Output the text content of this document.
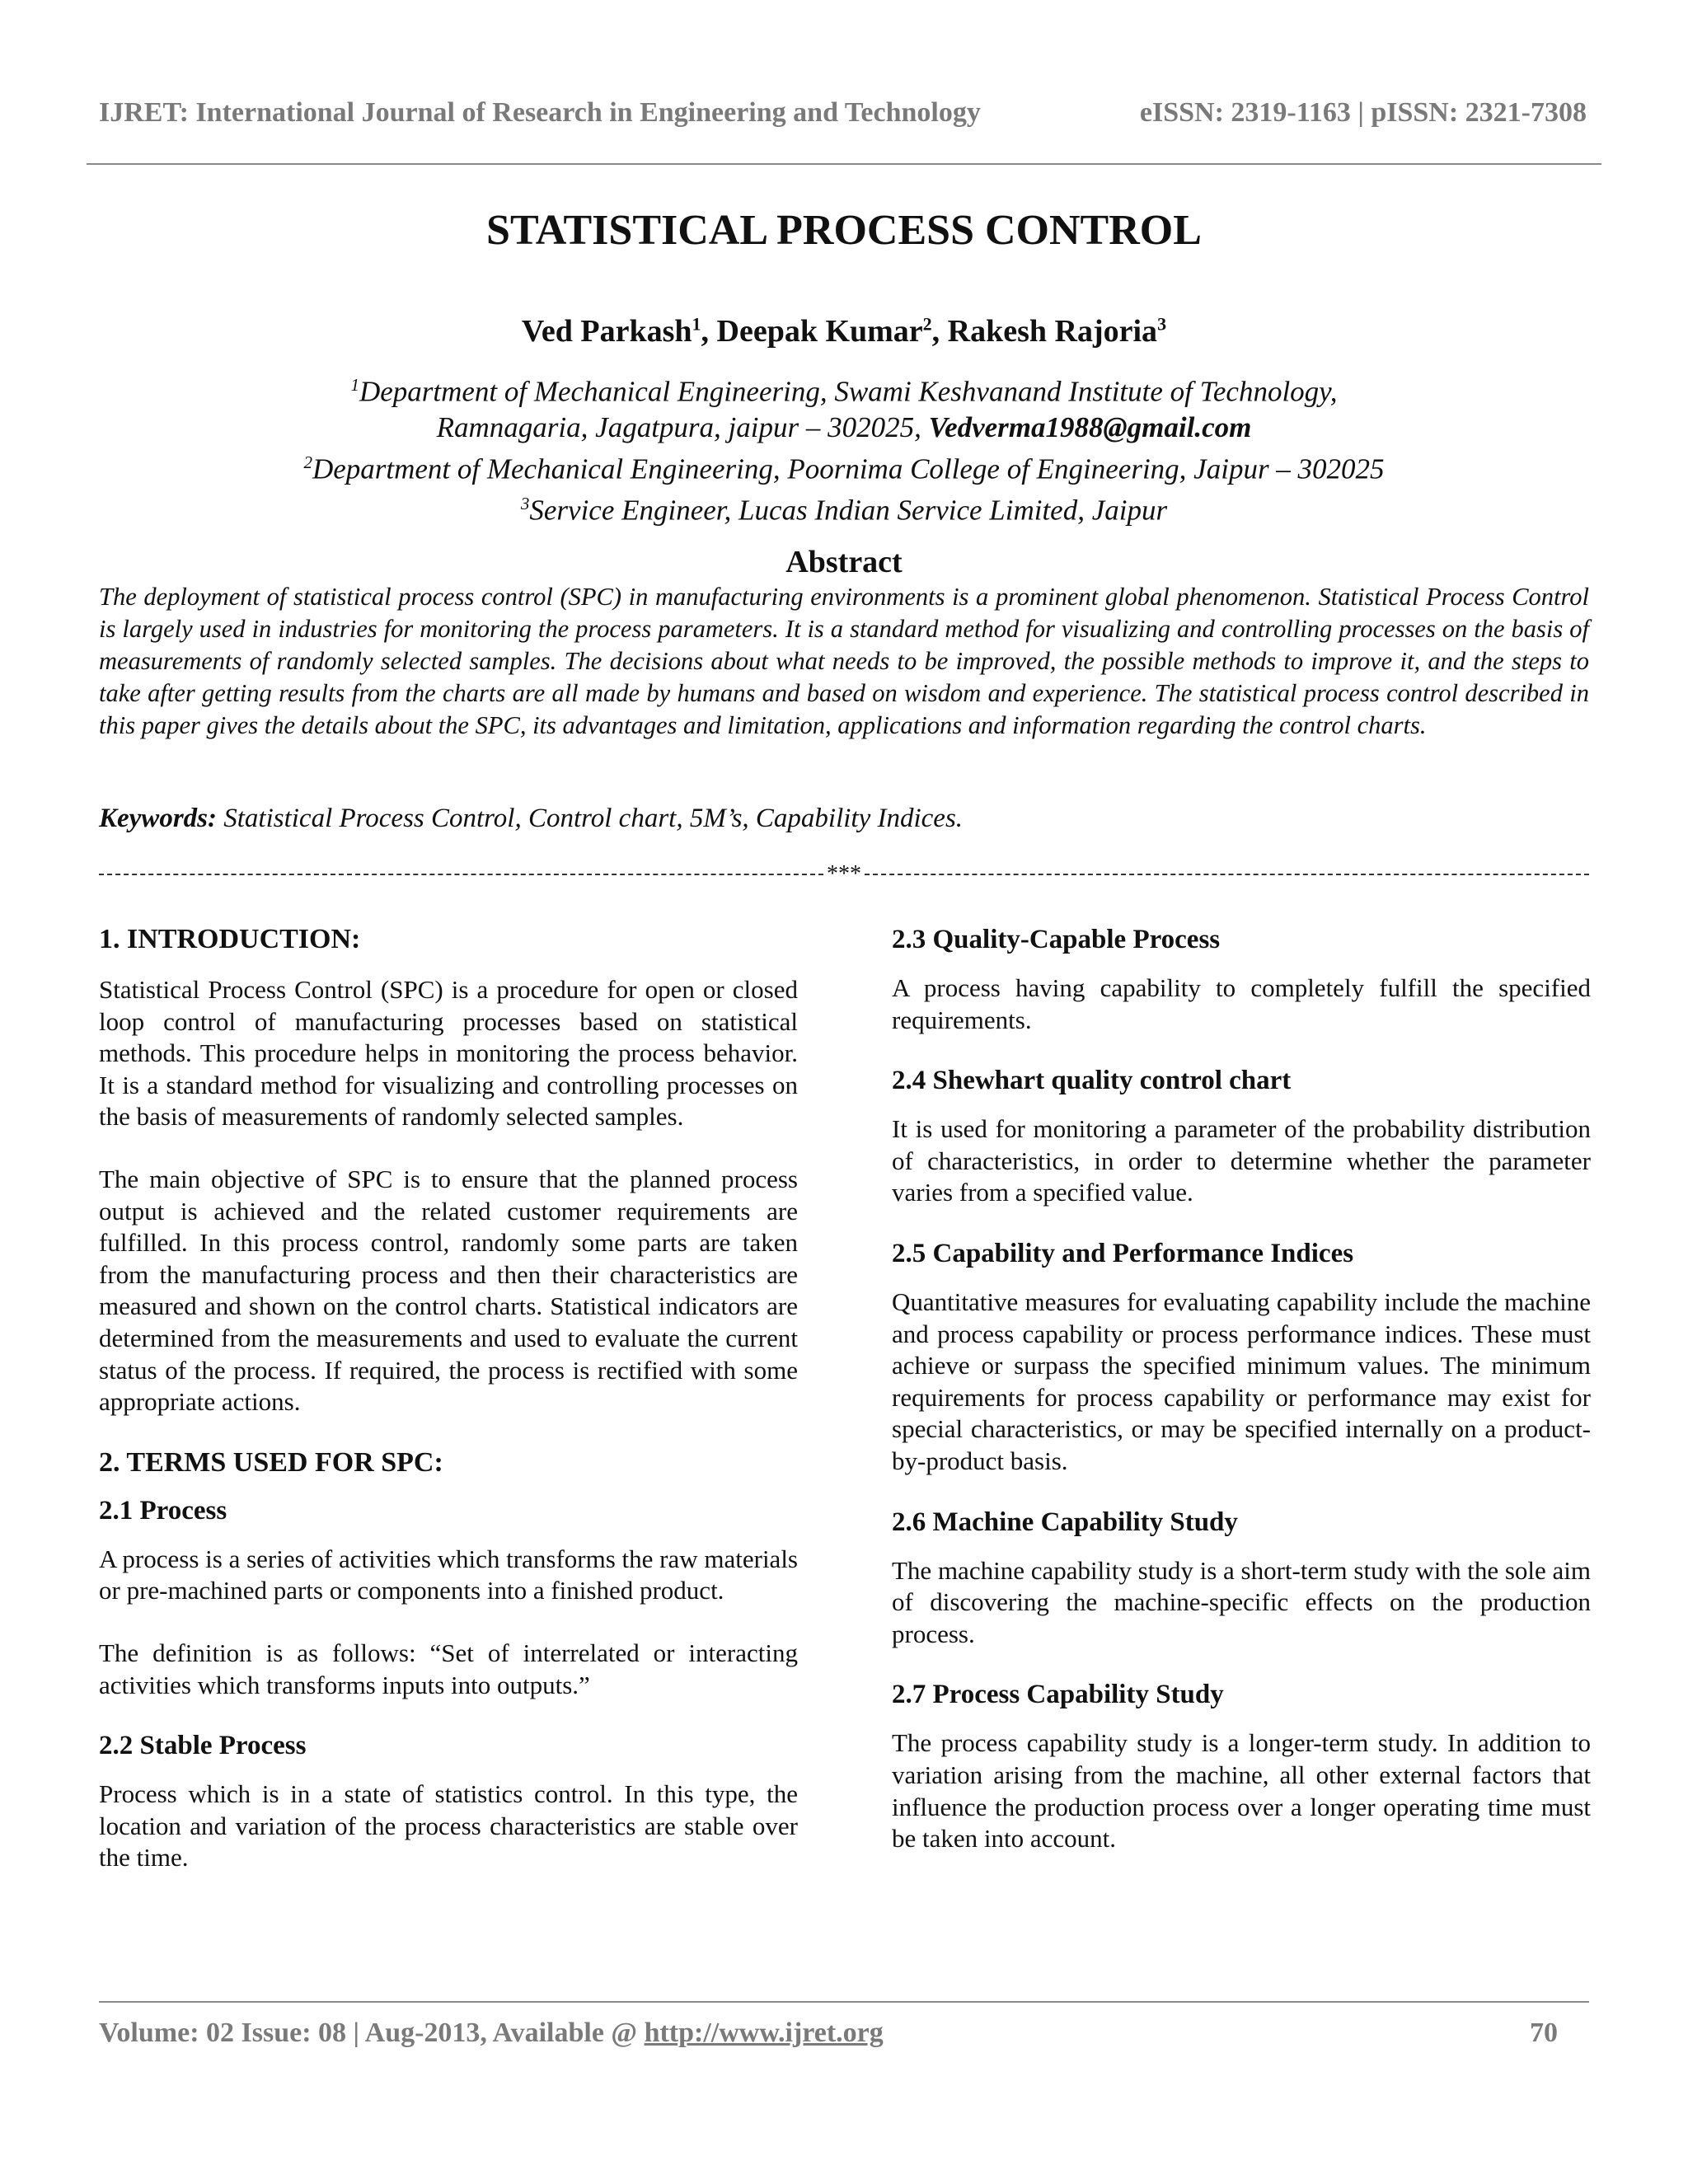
IJRET: International Journal of Research in Engineering and Technology	eISSN: 2319-1163 | pISSN: 2321-7308
STATISTICAL PROCESS CONTROL
Ved Parkash$^1$, Deepak Kumar$^2$, Rakesh Rajoria$^3$
$^1$Department of Mechanical Engineering, Swami Keshvanand Institute of Technology,
Ramnagaria, Jagatpura, jaipur – 302025, Vedverma1988@gmail.com
$^2$Department of Mechanical Engineering, Poornima College of Engineering, Jaipur – 302025
$^3$Service Engineer, Lucas Indian Service Limited, Jaipur
Abstract
The deployment of statistical process control (SPC) in manufacturing environments is a prominent global phenomenon. Statistical Process Control is largely used in industries for monitoring the process parameters. It is a standard method for visualizing and controlling processes on the basis of measurements of randomly selected samples. The decisions about what needs to be improved, the possible methods to improve it, and the steps to take after getting results from the charts are all made by humans and based on wisdom and experience. The statistical process control described in this paper gives the details about the SPC, its advantages and limitation, applications and information regarding the control charts.
Keywords: Statistical Process Control, Control chart, 5M’s, Capability Indices.
***
1. INTRODUCTION:

Statistical Process Control (SPC) is a procedure for open or closed loop control of manufacturing processes based on statistical methods. This procedure helps in monitoring the process behavior. It is a standard method for visualizing and controlling processes on the basis of measurements of randomly selected samples.

The main objective of SPC is to ensure that the planned process output is achieved and the related customer requirements are fulfilled. In this process control, randomly some parts are taken from the manufacturing process and then their characteristics are measured and shown on the control charts. Statistical indicators are determined from the measurements and used to evaluate the current status of the process. If required, the process is rectified with some appropriate actions.

2. TERMS USED FOR SPC:
2.1 Process

A process is a series of activities which transforms the raw materials or pre-machined parts or components into a finished product.

The definition is as follows: “Set of interrelated or interacting activities which transforms inputs into outputs.”

2.2 Stable Process

Process which is in a state of statistics control. In this type, the location and variation of the process characteristics are stable over the time.

2.3 Quality-Capable Process

A process having capability to completely fulfill the specified requirements.

2.4 Shewhart quality control chart

It is used for monitoring a parameter of the probability distribution of characteristics, in order to determine whether the parameter varies from a specified value.

2.5 Capability and Performance Indices

Quantitative measures for evaluating capability include the machine and process capability or process performance indices. These must achieve or surpass the specified minimum values. The minimum requirements for process capability or performance may exist for special characteristics, or may be specified internally on a product-by-product basis.

2.6 Machine Capability Study

The machine capability study is a short-term study with the sole aim of discovering the machine-specific effects on the production process.

2.7 Process Capability Study

The process capability study is a longer-term study. In addition to variation arising from the machine, all other external factors that influence the production process over a longer operating time must be taken into account.

Volume: 02 Issue: 08 | Aug-2013, Available @ http://www.ijret.org	70
